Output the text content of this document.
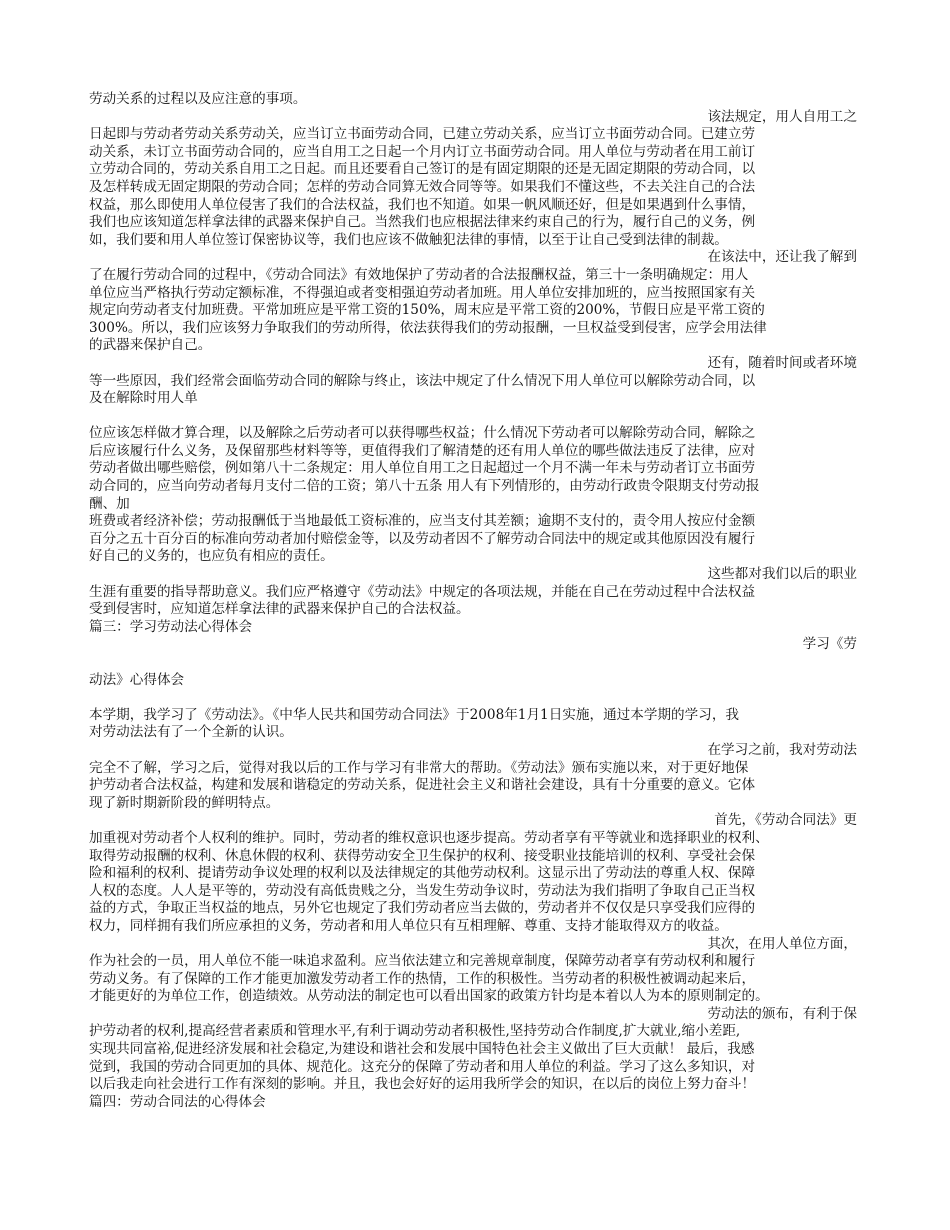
劳动关系的过程以及应注意的事项。
该法规定，用人自用工之
日起即与劳动者劳动关系劳动关，应当订立书面劳动合同，已建立劳动关系，应当订立书面劳动合同。已建立劳
动关系，未订立书面劳动合同的，应当自用工之日起一个月内订立书面劳动合同。用人单位与劳动者在用工前订
立劳动合同的，劳动关系自用工之日起。而且还要看自己签订的是有固定期限的还是无固定期限的劳动合同，以
及怎样转成无固定期限的劳动合同；怎样的劳动合同算无效合同等等。如果我们不懂这些，不去关注自己的合法
权益，那么即使用人单位侵害了我们的合法权益，我们也不知道。如果一帆风顺还好，但是如果遇到什么事情，
我们也应该知道怎样拿法律的武器来保护自己。当然我们也应根据法律来约束自己的行为，履行自己的义务，例
如，我们要和用人单位签订保密协议等，我们也应该不做触犯法律的事情，以至于让自己受到法律的制裁。
在该法中，还让我了解到
了在履行劳动合同的过程中，《劳动合同法》有效地保护了劳动者的合法报酬权益，第三十一条明确规定：用人
单位应当严格执行劳动定额标准，不得强迫或者变相强迫劳动者加班。用人单位安排加班的，应当按照国家有关
规定向劳动者支付加班费。平常加班应是平常工资的150%，周末应是平常工资的200%，节假日应是平常工资的
300%。所以，我们应该努力争取我们的劳动所得，依法获得我们的劳动报酬，一旦权益受到侵害，应学会用法律
的武器来保护自己。
还有，随着时间或者环境
等一些原因，我们经常会面临劳动合同的解除与终止，该法中规定了什么情况下用人单位可以解除劳动合同，以
及在解除时用人单
位应该怎样做才算合理，以及解除之后劳动者可以获得哪些权益；什么情况下劳动者可以解除劳动合同，解除之
后应该履行什么义务，及保留那些材料等等，更值得我们了解清楚的还有用人单位的哪些做法违反了法律，应对
劳动者做出哪些赔偿，例如第八十二条规定：用人单位自用工之日起超过一个月不满一年未与劳动者订立书面劳
动合同的，应当向劳动者每月支付二倍的工资；第八十五条 用人有下列情形的，由劳动行政贵令限期支付劳动报
酬、加
班费或者经济补偿；劳动报酬低于当地最低工资标准的，应当支付其差额；逾期不支付的，责令用人按应付金额
百分之五十百分百的标准向劳动者加付赔偿金等，以及劳动者因不了解劳动合同法中的规定或其他原因没有履行
好自己的义务的，也应负有相应的责任。
这些都对我们以后的职业
生涯有重要的指导帮助意义。我们应严格遵守《劳动法》中规定的各项法规，并能在自己在劳动过程中合法权益
受到侵害时，应知道怎样拿法律的武器来保护自己的合法权益。
篇三：学习劳动法心得体会
学习《劳
动法》心得体会
本学期，我学习了《劳动法》。《中华人民共和国劳动合同法》于2008年1月1日实施，通过本学期的学习，我
对劳动法法有了一个全新的认识。
在学习之前，我对劳动法
完全不了解，学习之后，觉得对我以后的工作与学习有非常大的帮助。《劳动法》颁布实施以来，对于更好地保
护劳动者合法权益，构建和发展和谐稳定的劳动关系，促进社会主义和谐社会建设，具有十分重要的意义。它体
现了新时期新阶段的鲜明特点。
首先，《劳动合同法》更
加重视对劳动者个人权利的维护。同时，劳动者的维权意识也逐步提高。劳动者享有平等就业和选择职业的权利、
取得劳动报酬的权利、休息休假的权利、获得劳动安全卫生保护的权利、接受职业技能培训的权利、享受社会保
险和福利的权利、提请劳动争议处理的权利以及法律规定的其他劳动权利。这显示出了劳动法的尊重人权、保障
人权的态度。人人是平等的，劳动没有高低贵贱之分，当发生劳动争议时，劳动法为我们指明了争取自己正当权
益的方式，争取正当权益的地点，另外它也规定了我们劳动者应当去做的，劳动者并不仅仅是只享受我们应得的
权力，同样拥有我们所应承担的义务，劳动者和用人单位只有互相理解、尊重、支持才能取得双方的收益。
其次，在用人单位方面，
作为社会的一员，用人单位不能一味追求盈利。应当依法建立和完善规章制度，保障劳动者享有劳动权利和履行
劳动义务。有了保障的工作才能更加激发劳动者工作的热情，工作的积极性。当劳动者的积极性被调动起来后，
才能更好的为单位工作，创造绩效。从劳动法的制定也可以看出国家的政策方针均是本着以人为本的原则制定的。
劳动法的颁布，有利于保
护劳动者的权利,提高经营者素质和管理水平,有利于调动劳动者积极性,坚持劳动合作制度,扩大就业,缩小差距,
实现共同富裕,促进经济发展和社会稳定,为建设和谐社会和发展中国特色社会主义做出了巨大贡献！ 最后，我感
觉到，我国的劳动合同更加的具体、规范化。这充分的保障了劳动者和用人单位的利益。学习了这么多知识，对
以后我走向社会进行工作有深刻的影响。并且，我也会好好的运用我所学会的知识，在以后的岗位上努力奋斗！
篇四：劳动合同法的心得体会
